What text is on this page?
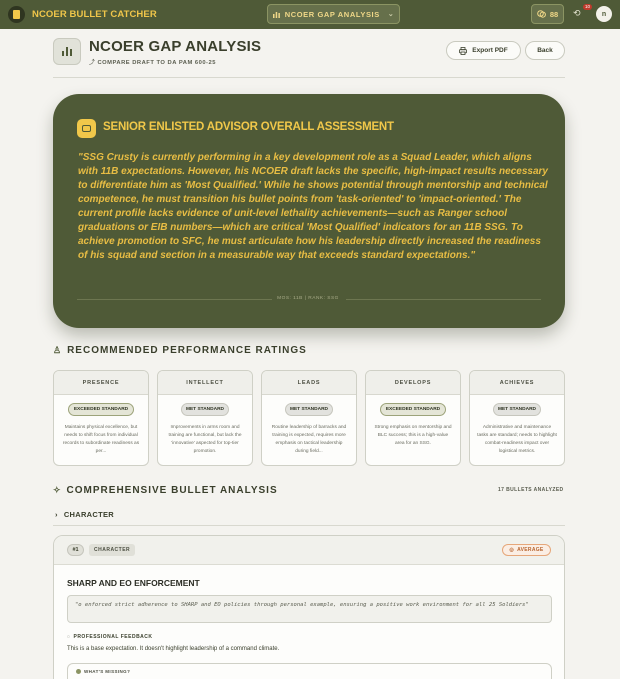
NCOER BULLET CATCHER	NCOER GAP ANALYSIS ⌄	88 ⟲
10
n
NCOER GAP ANALYSIS
⤴ COMPARE DRAFT TO DA PAM 600-25
Export PDF	Back
SENIOR ENLISTED ADVISOR OVERALL ASSESSMENT
"SSG Crusty is currently performing in a key development role as a Squad Leader, which aligns with 11B expectations. However, his NCOER draft lacks the specific, high-impact results necessary to differentiate him as 'Most Qualified.' While he shows potential through mentorship and technical competence, he must transition his bullet points from 'task-oriented' to 'impact-oriented.' The current profile lacks evidence of unit-level lethality achievements—such as Ranger school graduations or EIB numbers—which are critical 'Most Qualified' indicators for an 11B SSG. To achieve promotion to SFC, he must articulate how his leadership directly increased the readiness of his squad and section in a measurable way that exceeds standard expectations."
MOS: 11B | RANK: SSG
♙ RECOMMENDED PERFORMANCE RATINGS
PRESENCE
EXCEEDED STANDARD
Maintains physical excellence, but needs to shift focus from individual records to subordinate readiness as per...
INTELLECT
MET STANDARD
Improvements in arms room and training are functional, but lack the 'innovative' aspected for top-tier promotion.
LEADS
MET STANDARD
Routine leadership of barracks and training is expected, requires more emphasis on tactical leadership during field...
DEVELOPS
EXCEEDED STANDARD
Strong emphasis on mentorship and BLC success; this is a high-value area for an SSG.
ACHIEVES
MET STANDARD
Administrative and maintenance tasks are standard; needs to highlight combat-readiness impact over logistical metrics.
✧ COMPREHENSIVE BULLET ANALYSIS	17 BULLETS ANALYZED
› CHARACTER
#1	CHARACTER	◎ AVERAGE
SHARP AND EO ENFORCEMENT
"o enforced strict adherence to SHARP and EO policies through personal example, ensuring a positive work environment for all 25 Soldiers"
◌ PROFESSIONAL FEEDBACK
This is a base expectation. It doesn't highlight leadership of a command climate.
WHAT'S MISSING?
